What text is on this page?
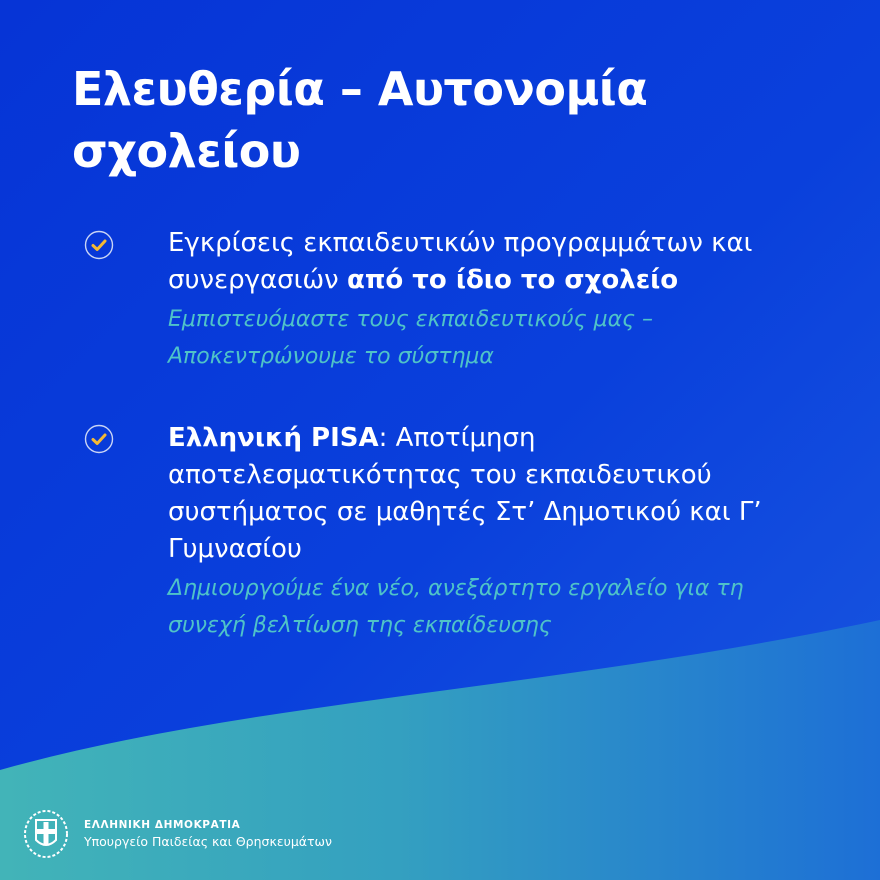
Ελευθερία – Αυτονομία
σχολείου
Εγκρίσεις εκπαιδευτικών προγραμμάτων και συνεργασιών από το ίδιο το σχολείο
Εμπιστευόμαστε τους εκπαιδευτικούς μας – Αποκεντρώνουμε το σύστημα
Ελληνική PISA: Αποτίμηση αποτελεσματικότητας του εκπαιδευτικού συστήματος σε μαθητές Στ’ Δημοτικού και Γ’ Γυμνασίου
Δημιουργούμε ένα νέο, ανεξάρτητο εργαλείο για τη συνεχή βελτίωση της εκπαίδευσης
ΕΛΛΗΝΙΚΗ ΔΗΜΟΚΡΑΤΙΑ
Υπουργείο Παιδείας και Θρησκευμάτων
